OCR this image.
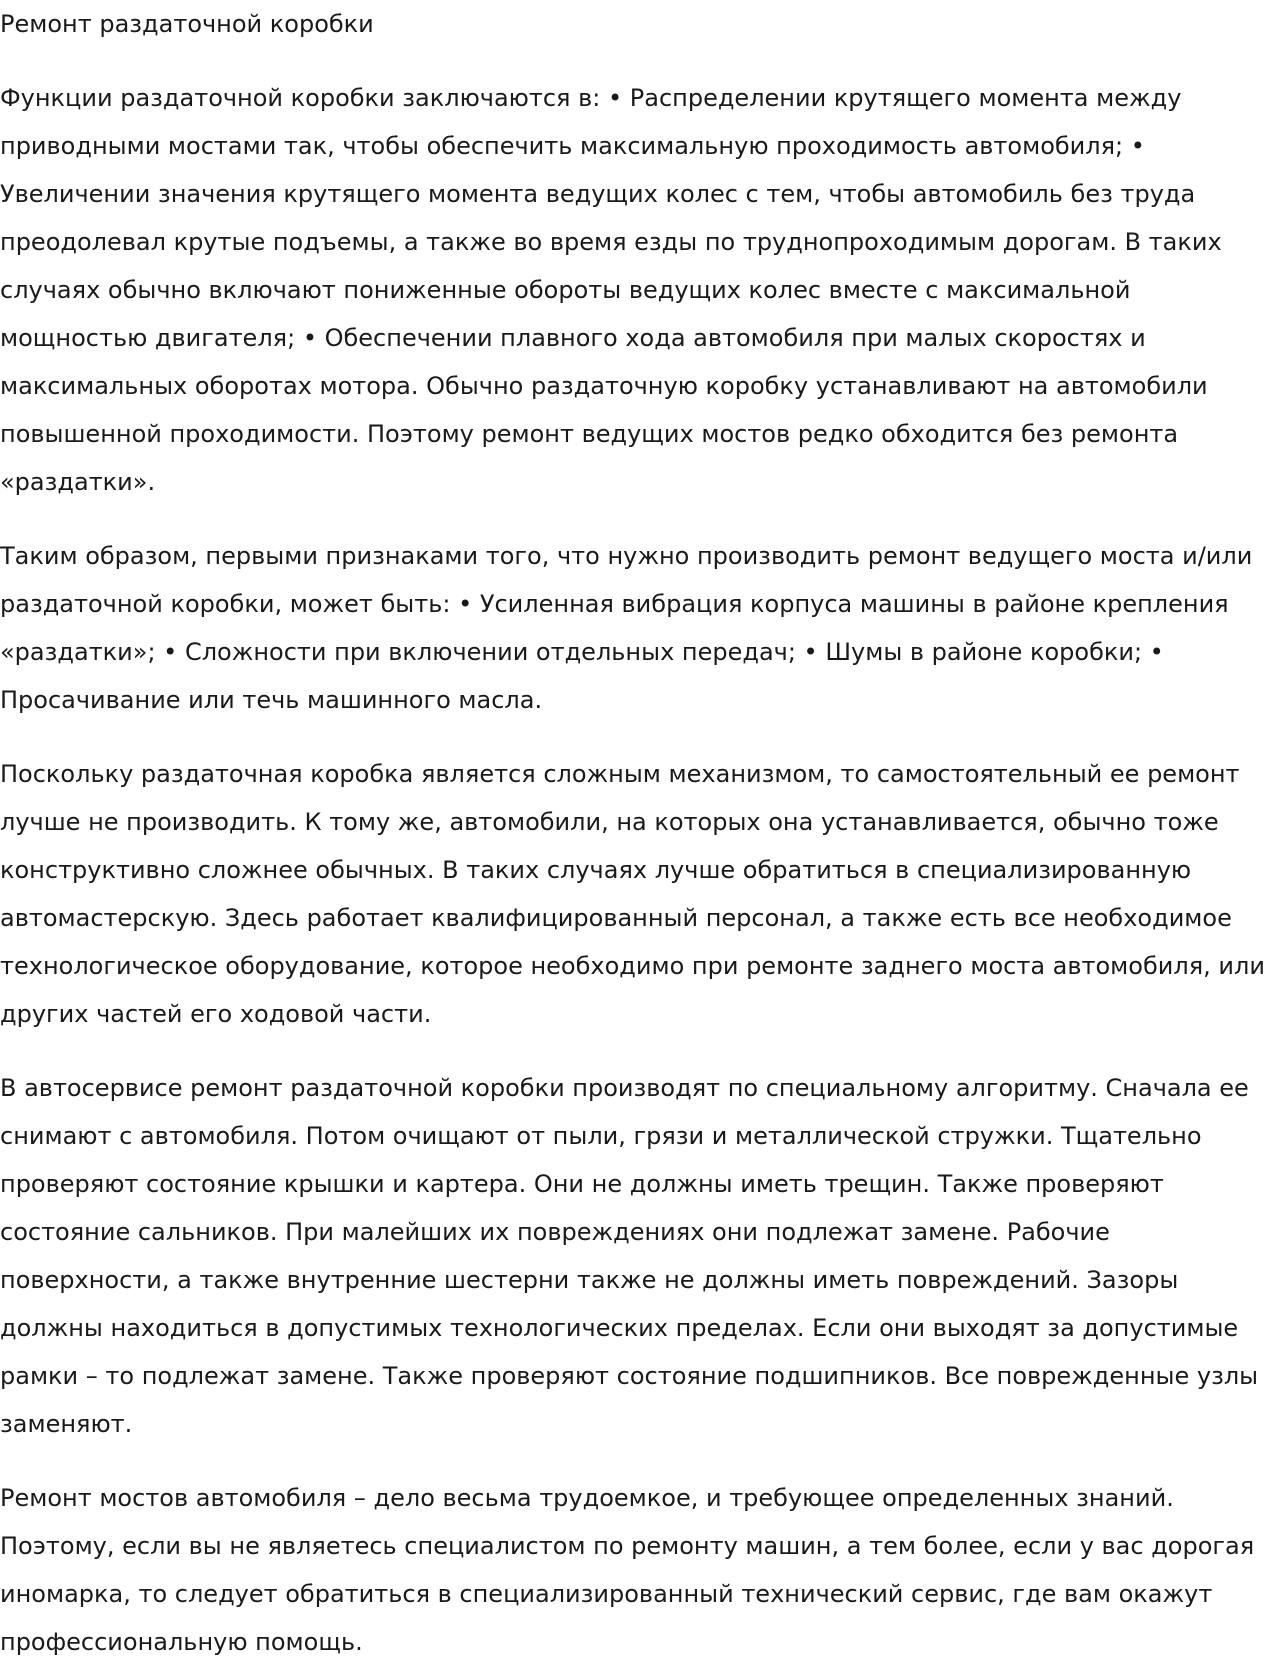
Ремонт раздаточной коробки

Функции раздаточной коробки заключаются в: • Распределении крутящего момента между приводными мостами так, чтобы обеспечить максимальную проходимость автомобиля; • Увеличении значения крутящего момента ведущих колес с тем, чтобы автомобиль без труда преодолевал крутые подъемы, а также во время езды по труднопроходимым дорогам. В таких случаях обычно включают пониженные обороты ведущих колес вместе с максимальной мощностью двигателя; • Обеспечении плавного хода автомобиля при малых скоростях и максимальных оборотах мотора. Обычно раздаточную коробку устанавливают на автомобили повышенной проходимости. Поэтому ремонт ведущих мостов редко обходится без ремонта «раздатки».

Таким образом, первыми признаками того, что нужно производить ремонт ведущего моста и/или раздаточной коробки, может быть: • Усиленная вибрация корпуса машины в районе крепления «раздатки»; • Сложности при включении отдельных передач; • Шумы в районе коробки; • Просачивание или течь машинного масла.

Поскольку раздаточная коробка является сложным механизмом, то самостоятельный ее ремонт лучше не производить. К тому же, автомобили, на которых она устанавливается, обычно тоже конструктивно сложнее обычных. В таких случаях лучше обратиться в специализированную автомастерскую. Здесь работает квалифицированный персонал, а также есть все необходимое технологическое оборудование, которое необходимо при ремонте заднего моста автомобиля, или других частей его ходовой части.

В автосервисе ремонт раздаточной коробки производят по специальному алгоритму. Сначала ее снимают с автомобиля. Потом очищают от пыли, грязи и металлической стружки. Тщательно проверяют состояние крышки и картера. Они не должны иметь трещин. Также проверяют состояние сальников. При малейших их повреждениях они подлежат замене. Рабочие поверхности, а также внутренние шестерни также не должны иметь повреждений. Зазоры должны находиться в допустимых технологических пределах. Если они выходят за допустимые рамки – то подлежат замене. Также проверяют состояние подшипников. Все поврежденные узлы заменяют.

Ремонт мостов автомобиля – дело весьма трудоемкое, и требующее определенных знаний. Поэтому, если вы не являетесь специалистом по ремонту машин, а тем более, если у вас дорогая иномарка, то следует обратиться в специализированный технический сервис, где вам окажут профессиональную помощь.
